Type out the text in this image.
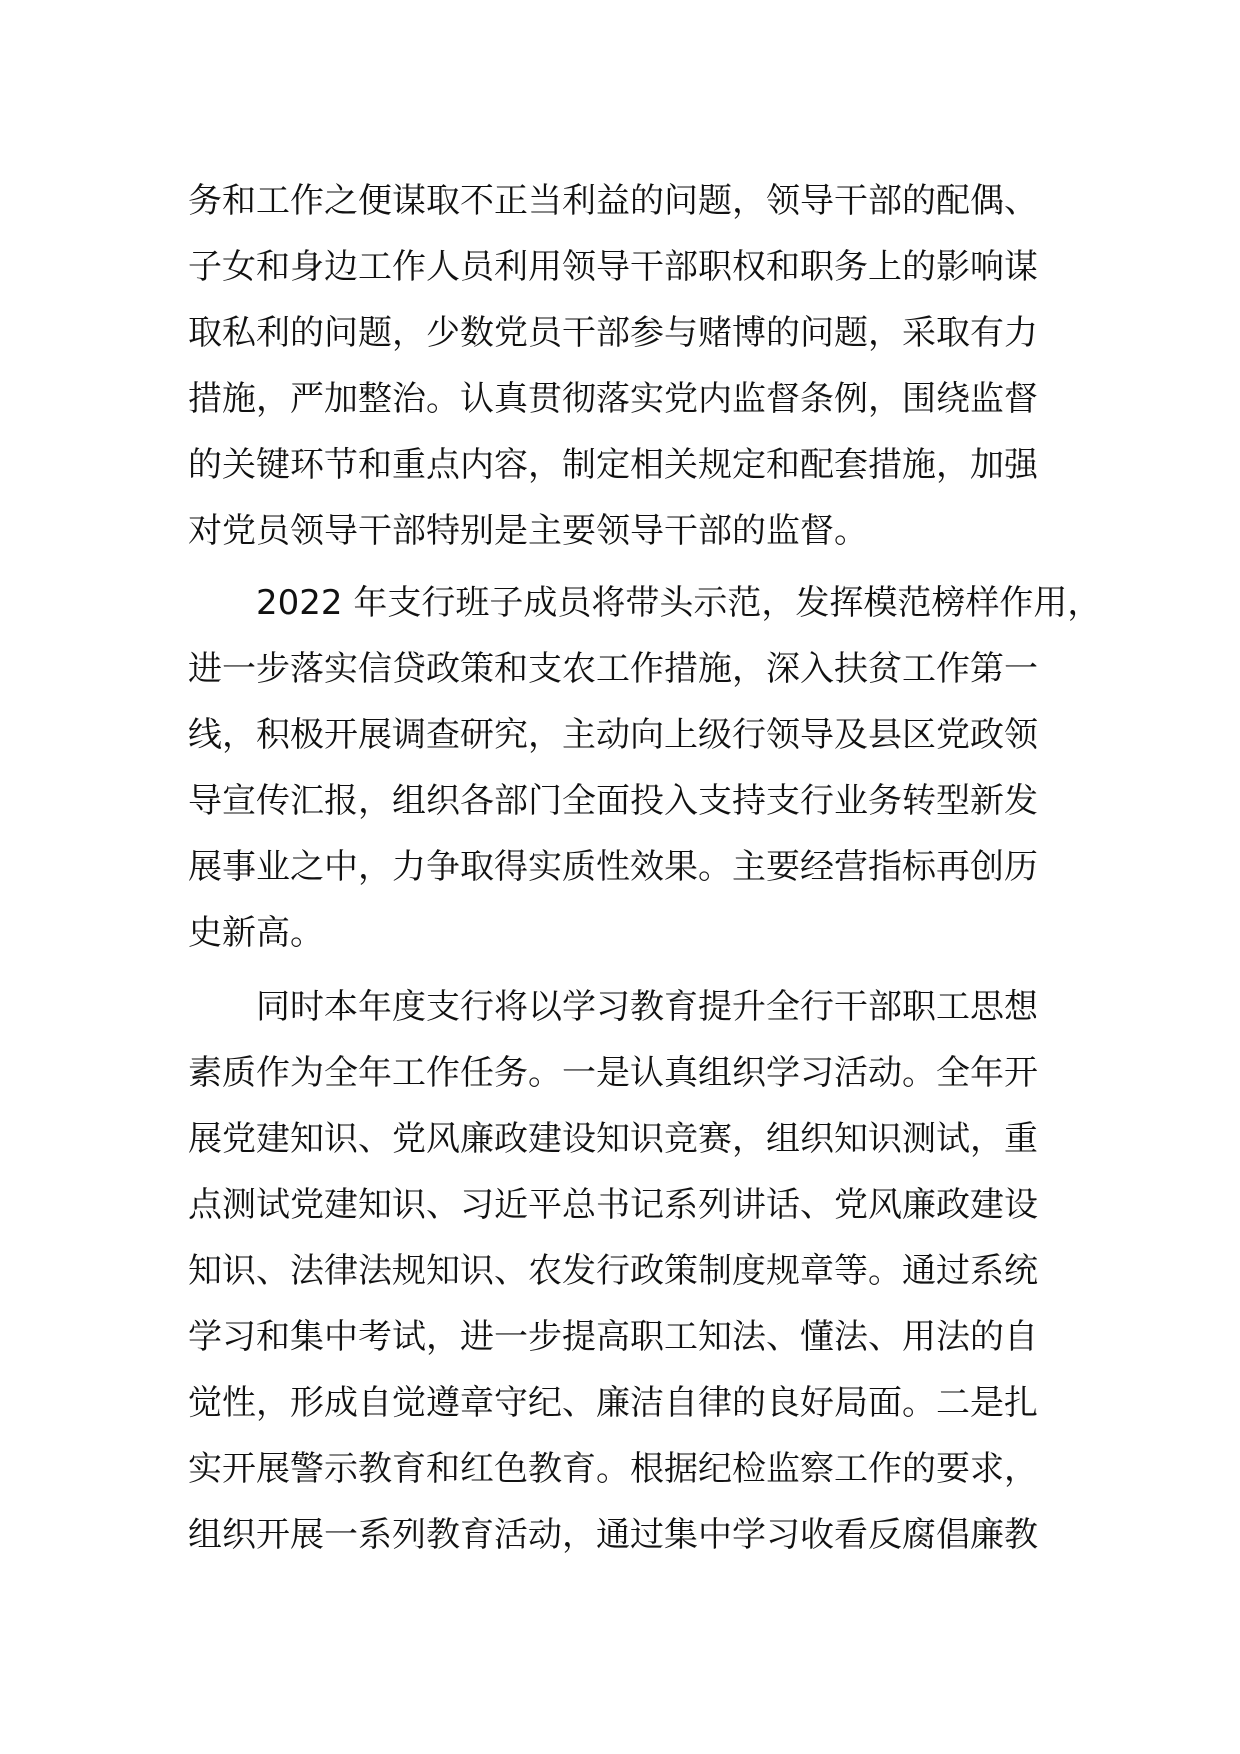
务和工作之便谋取不正当利益的问题，领导干部的配偶、
子女和身边工作人员利用领导干部职权和职务上的影响谋
取私利的问题，少数党员干部参与赌博的问题，采取有力
措施，严加整治。认真贯彻落实党内监督条例，围绕监督
的关键环节和重点内容，制定相关规定和配套措施，加强
对党员领导干部特别是主要领导干部的监督。
2022 年支行班子成员将带头示范，发挥模范榜样作用，
进一步落实信贷政策和支农工作措施，深入扶贫工作第一
线，积极开展调查研究，主动向上级行领导及县区党政领
导宣传汇报，组织各部门全面投入支持支行业务转型新发
展事业之中，力争取得实质性效果。主要经营指标再创历
史新高。
同时本年度支行将以学习教育提升全行干部职工思想
素质作为全年工作任务。一是认真组织学习活动。全年开
展党建知识、党风廉政建设知识竞赛，组织知识测试，重
点测试党建知识、习近平总书记系列讲话、党风廉政建设
知识、法律法规知识、农发行政策制度规章等。通过系统
学习和集中考试，进一步提高职工知法、懂法、用法的自
觉性，形成自觉遵章守纪、廉洁自律的良好局面。二是扎
实开展警示教育和红色教育。根据纪检监察工作的要求，
组织开展一系列教育活动，通过集中学习收看反腐倡廉教
